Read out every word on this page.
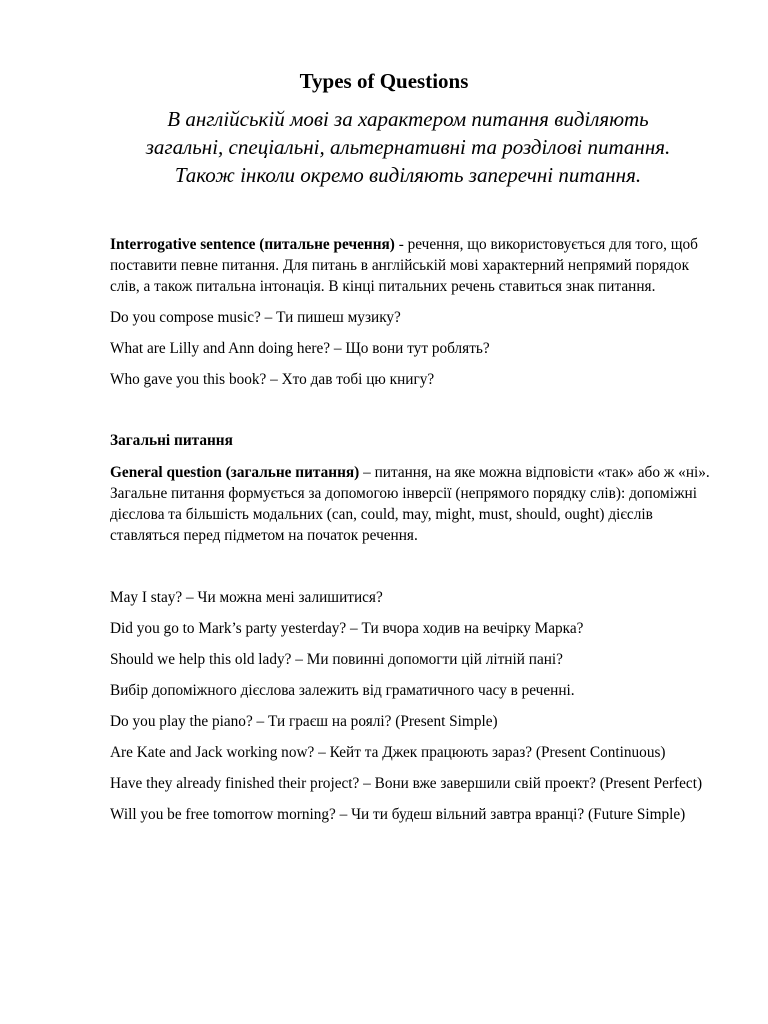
Types of Questions
В англійській мові за характером питання виділяють
загальні, спеціальні, альтернативні та розділові питання.
Також інколи окремо виділяють заперечні питання.

Interrogative sentence (питальне речення) - речення, що використовується для того, щоб поставити певне питання. Для питань в англійській мові характерний непрямий порядок слів, а також питальна інтонація. В кінці питальних речень ставиться знак питання.

Do you compose music? – Ти пишеш музику?

What are Lilly and Ann doing here? – Що вони тут роблять?

Who gave you this book? – Хто дав тобі цю книгу?

Загальні питання

General question (загальне питання) – питання, на яке можна відповісти «так» або ж «ні». Загальне питання формується за допомогою інверсії (непрямого порядку слів): допоміжні дієслова та більшість модальних (can, could, may, might, must, should, ought) дієслів ставляться перед підметом на початок речення.

May I stay? – Чи можна мені залишитися?

Did you go to Mark’s party yesterday? – Ти вчора ходив на вечірку Марка?

Should we help this old lady? – Ми повинні допомогти цій літній пані?

Вибір допоміжного дієслова залежить від граматичного часу в реченні.

Do you play the piano? – Ти граєш на роялі? (Present Simple)

Are Kate and Jack working now? – Кейт та Джек працюють зараз? (Present Continuous)

Have they already finished their project? – Вони вже завершили свій проект? (Present Perfect)

Will you be free tomorrow morning? – Чи ти будеш вільний завтра вранці? (Future Simple)
